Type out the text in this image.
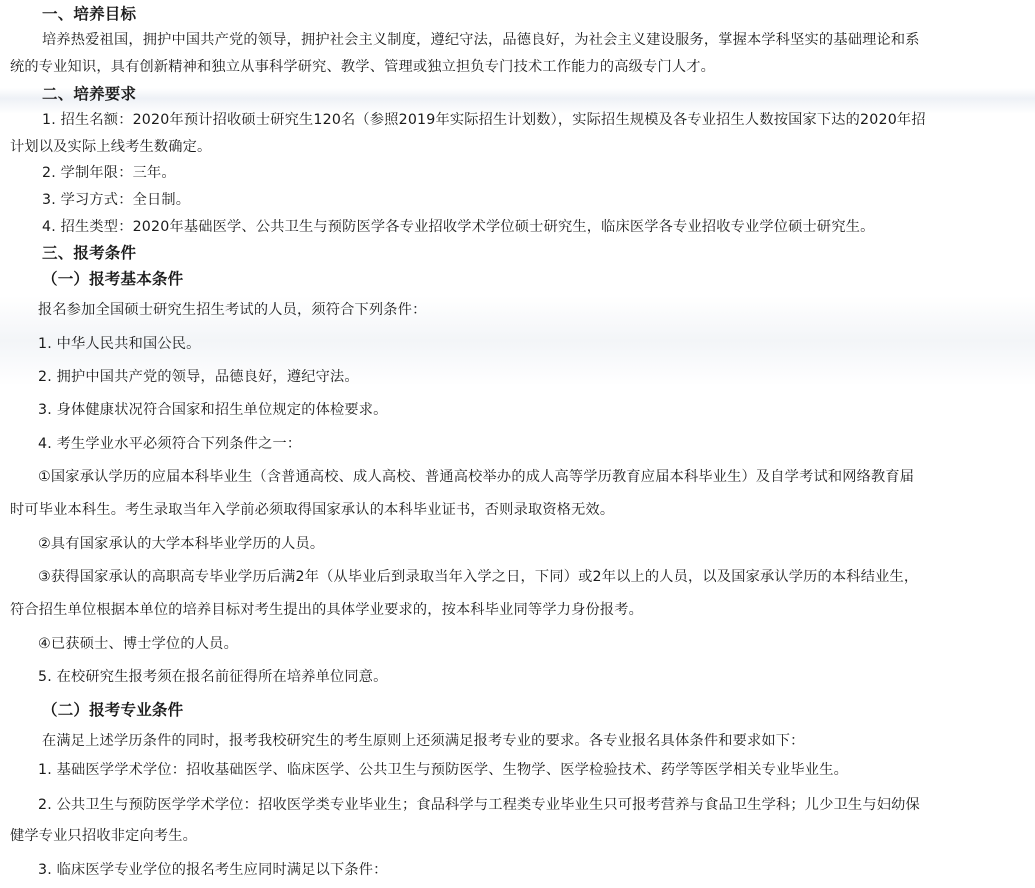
一、培养目标
培养热爱祖国，拥护中国共产党的领导，拥护社会主义制度，遵纪守法，品德良好，为社会主义建设服务，掌握本学科坚实的基础理论和系
统的专业知识，具有创新精神和独立从事科学研究、教学、管理或独立担负专门技术工作能力的高级专门人才。
二、培养要求
1. 招生名额：2020年预计招收硕士研究生120名（参照2019年实际招生计划数），实际招生规模及各专业招生人数按国家下达的2020年招
计划以及实际上线考生数确定。
2. 学制年限：三年。
3. 学习方式：全日制。
4. 招生类型：2020年基础医学、公共卫生与预防医学各专业招收学术学位硕士研究生，临床医学各专业招收专业学位硕士研究生。
三、报考条件
（一）报考基本条件
报名参加全国硕士研究生招生考试的人员，须符合下列条件：
1. 中华人民共和国公民。
2. 拥护中国共产党的领导，品德良好，遵纪守法。
3. 身体健康状况符合国家和招生单位规定的体检要求。
4. 考生学业水平必须符合下列条件之一：
①国家承认学历的应届本科毕业生（含普通高校、成人高校、普通高校举办的成人高等学历教育应届本科毕业生）及自学考试和网络教育届
时可毕业本科生。考生录取当年入学前必须取得国家承认的本科毕业证书，否则录取资格无效。
②具有国家承认的大学本科毕业学历的人员。
③获得国家承认的高职高专毕业学历后满2年（从毕业后到录取当年入学之日，下同）或2年以上的人员，以及国家承认学历的本科结业生，
符合招生单位根据本单位的培养目标对考生提出的具体学业要求的，按本科毕业同等学力身份报考。
④已获硕士、博士学位的人员。
5. 在校研究生报考须在报名前征得所在培养单位同意。
（二）报考专业条件
在满足上述学历条件的同时，报考我校研究生的考生原则上还须满足报考专业的要求。各专业报名具体条件和要求如下：
1. 基础医学学术学位：招收基础医学、临床医学、公共卫生与预防医学、生物学、医学检验技术、药学等医学相关专业毕业生。
2. 公共卫生与预防医学学术学位：招收医学类专业毕业生；食品科学与工程类专业毕业生只可报考营养与食品卫生学科；儿少卫生与妇幼保
健学专业只招收非定向考生。
3. 临床医学专业学位的报名考生应同时满足以下条件：
